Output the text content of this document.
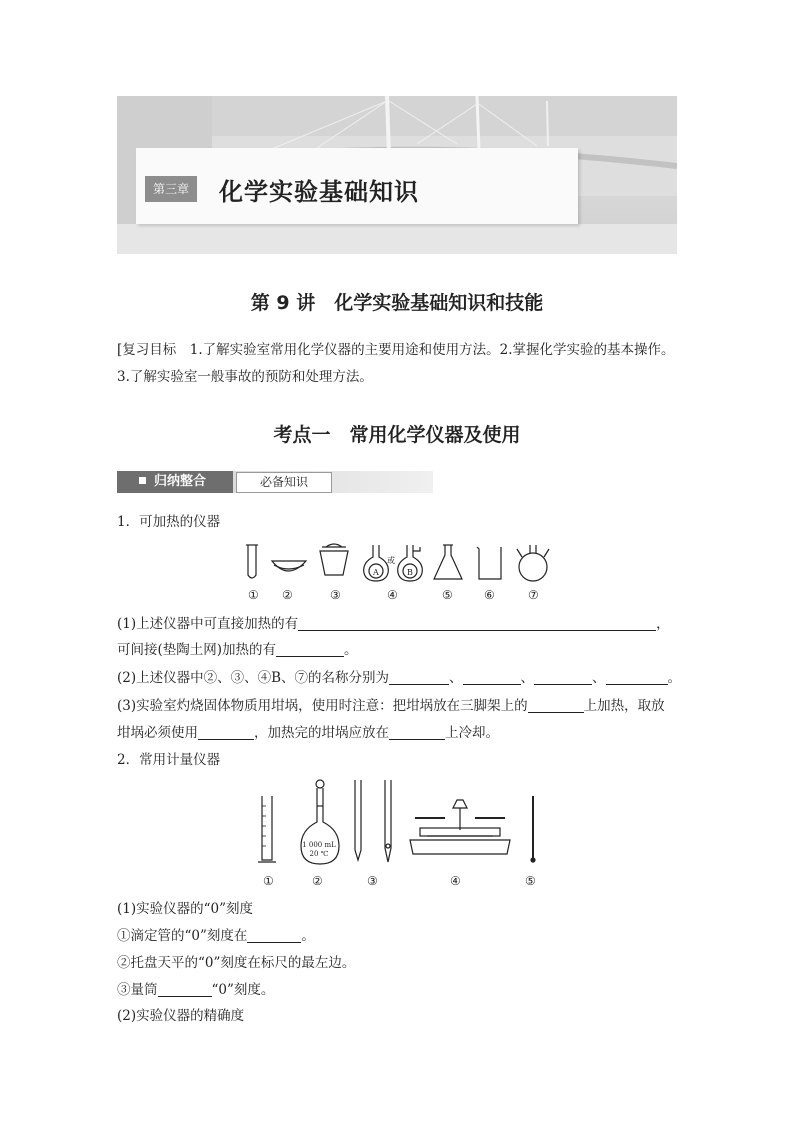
第三章	化学实验基础知识
第 9 讲　化学实验基础知识和技能
[复习目标　1.了解实验室常用化学仪器的主要用途和使用方法。2.掌握化学实验的基本操作。
3.了解实验室一般事故的预防和处理方法。
考点一　常用化学仪器及使用
归纳整合	必备知识
1．可加热的仪器
A
或
B
① ②	③	④	⑤	⑥	⑦
(1)上述仪器中可直接加热的有	，
可间接(垫陶土网)加热的有	。
(2)上述仪器中②、③、④B、⑦的名称分别为	、	、	、	。
(3)实验室灼烧固体物质用坩埚，使用时注意：把坩埚放在三脚架上的	上加热，取放
坩埚必须使用	，加热完的坩埚应放在	上冷却。
2．常用计量仪器
1 000 mL
20 ℃
①	②	③	④	⑤
(1)实验仪器的“0”刻度
①滴定管的“0”刻度在	。
②托盘天平的“0”刻度在标尺的最左边。
③量筒	“0”刻度。
(2)实验仪器的精确度
